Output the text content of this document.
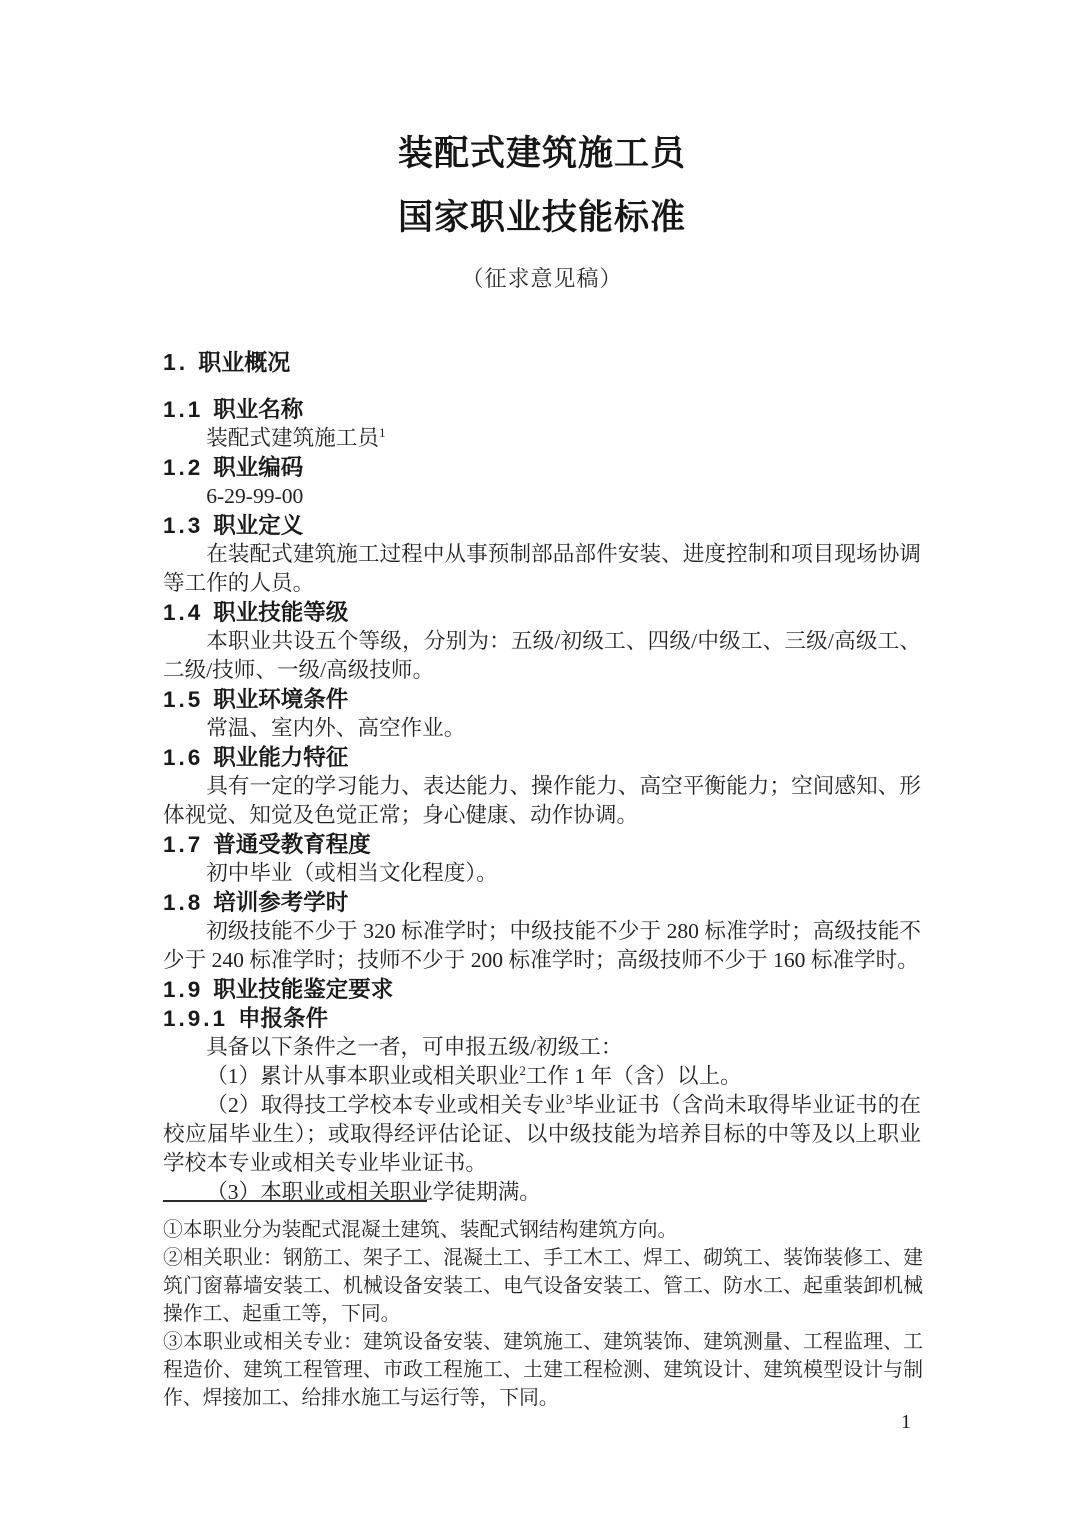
装配式建筑施工员
国家职业技能标准
（征求意见稿）
1. 职业概况
1.1 职业名称

装配式建筑施工员$^1$

1.2 职业编码

6-29-99-00

1.3 职业定义

在装配式建筑施工过程中从事预制部品部件安装、进度控制和项目现场协调等工作的人员。

1.4 职业技能等级

本职业共设五个等级，分别为：五级/初级工、四级/中级工、三级/高级工、二级/技师、一级/高级技师。

1.5 职业环境条件

常温、室内外、高空作业。

1.6 职业能力特征

具有一定的学习能力、表达能力、操作能力、高空平衡能力；空间感知、形体视觉、知觉及色觉正常；身心健康、动作协调。

1.7 普通受教育程度

初中毕业（或相当文化程度）。

1.8 培训参考学时

初级技能不少于 320 标准学时；中级技能不少于 280 标准学时；高级技能不少于 240 标准学时；技师不少于 200 标准学时；高级技师不少于 160 标准学时。

1.9 职业技能鉴定要求
1.9.1 申报条件

具备以下条件之一者，可申报五级/初级工：

（1）累计从事本职业或相关职业$^2$工作 1 年（含）以上。

（2）取得技工学校本专业或相关专业$^3$毕业证书（含尚未取得毕业证书的在校应届毕业生）；或取得经评估论证、以中级技能为培养目标的中等及以上职业学校本专业或相关专业毕业证书。

（3）本职业或相关职业学徒期满。

①本职业分为装配式混凝土建筑、装配式钢结构建筑方向。

②相关职业：钢筋工、架子工、混凝土工、手工木工、焊工、砌筑工、装饰装修工、建筑门窗幕墙安装工、机械设备安装工、电气设备安装工、管工、防水工、起重装卸机械操作工、起重工等，下同。

③本职业或相关专业：建筑设备安装、建筑施工、建筑装饰、建筑测量、工程监理、工程造价、建筑工程管理、市政工程施工、土建工程检测、建筑设计、建筑模型设计与制作、焊接加工、给排水施工与运行等，下同。

1
